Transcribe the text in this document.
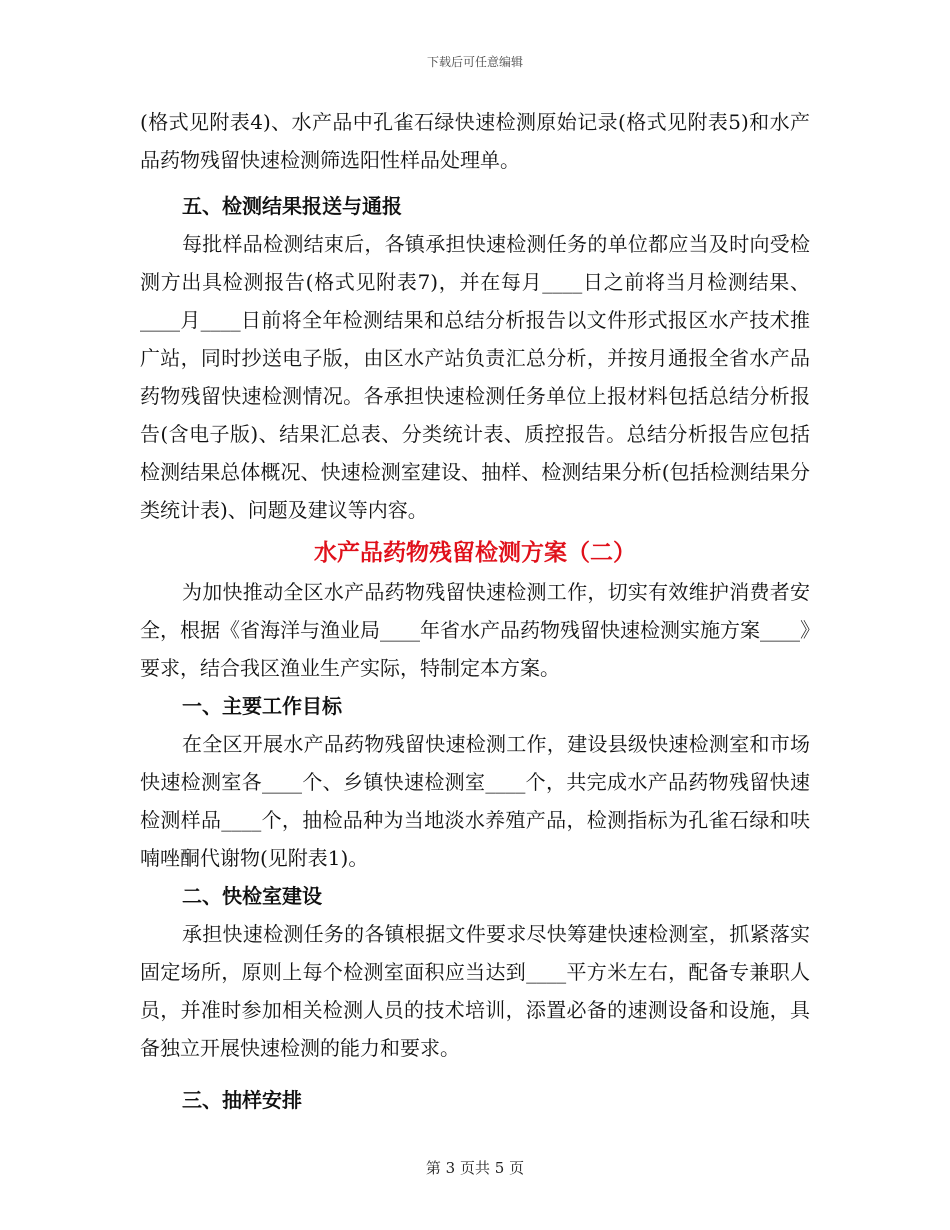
下载后可任意编辑

(格式见附表4)、水产品中孔雀石绿快速检测原始记录(格式见附表5)和水产品药物残留快速检测筛选阳性样品处理单。

五、检测结果报送与通报

每批样品检测结束后，各镇承担快速检测任务的单位都应当及时向受检测方出具检测报告(格式见附表7)，并在每月____日之前将当月检测结果、____月____日前将全年检测结果和总结分析报告以文件形式报区水产技术推广站，同时抄送电子版，由区水产站负责汇总分析，并按月通报全省水产品药物残留快速检测情况。各承担快速检测任务单位上报材料包括总结分析报告(含电子版)、结果汇总表、分类统计表、质控报告。总结分析报告应包括检测结果总体概况、快速检测室建设、抽样、检测结果分析(包括检测结果分类统计表)、问题及建议等内容。

水产品药物残留检测方案（二）

为加快推动全区水产品药物残留快速检测工作，切实有效维护消费者安全，根据《省海洋与渔业局____年省水产品药物残留快速检测实施方案____》要求，结合我区渔业生产实际，特制定本方案。

一、主要工作目标

在全区开展水产品药物残留快速检测工作，建设县级快速检测室和市场快速检测室各____个、乡镇快速检测室____个，共完成水产品药物残留快速检测样品____个，抽检品种为当地淡水养殖产品，检测指标为孔雀石绿和呋喃唑酮代谢物(见附表1)。

二、快检室建设

承担快速检测任务的各镇根据文件要求尽快筹建快速检测室，抓紧落实固定场所，原则上每个检测室面积应当达到____平方米左右，配备专兼职人员，并准时参加相关检测人员的技术培训，添置必备的速测设备和设施，具备独立开展快速检测的能力和要求。

三、抽样安排

第 3 页共 5 页
